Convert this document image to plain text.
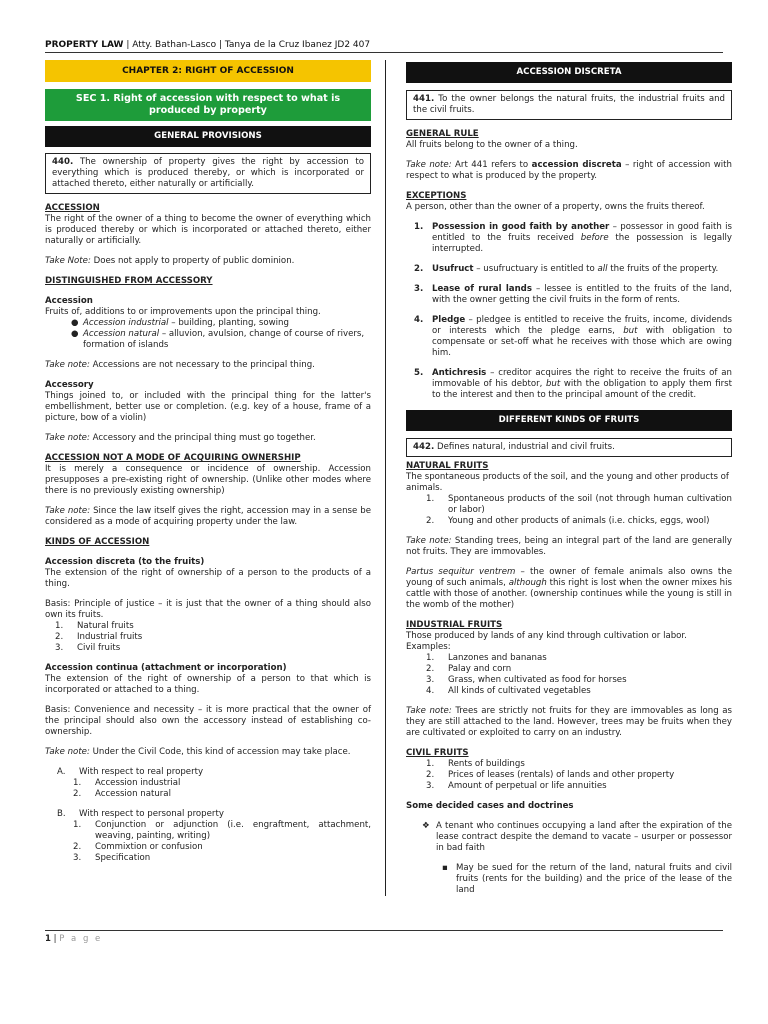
PROPERTY LAW | Atty. Bathan-Lasco | Tanya de la Cruz Ibanez JD2 407
CHAPTER 2: RIGHT OF ACCESSION
SEC 1. Right of accession with respect to what is produced by property
GENERAL PROVISIONS
440. The ownership of property gives the right by accession to everything which is produced thereby, or which is incorporated or attached thereto, either naturally or artificially.

ACCESSION

The right of the owner of a thing to become the owner of everything which is produced thereby or which is incorporated or attached thereto, either naturally or artificially.

Take Note: Does not apply to property of public dominion.

DISTINGUISHED FROM ACCESSORY

Accession

Fruits of, additions to or improvements upon the principal thing.

● Accession industrial – building, planting, sowing
● Accession natural – alluvion, avulsion, change of course of rivers, formation of islands

Take note: Accessions are not necessary to the principal thing.

Accessory

Things joined to, or included with the principal thing for the latter's embellishment, better use or completion. (e.g. key of a house, frame of a picture, bow of a violin)

Take note: Accessory and the principal thing must go together.

ACCESSION NOT A MODE OF ACQUIRING OWNERSHIP

It is merely a consequence or incidence of ownership. Accession presupposes a pre-existing right of ownership. (Unlike other modes where there is no previously existing ownership)

Take note: Since the law itself gives the right, accession may in a sense be considered as a mode of acquiring property under the law.

KINDS OF ACCESSION

Accession discreta (to the fruits)

The extension of the right of ownership of a person to the products of a thing.

Basis: Principle of justice – it is just that the owner of a thing should also own its fruits.

1.	Natural fruits
2.	Industrial fruits
3.	Civil fruits

Accession continua (attachment or incorporation)

The extension of the right of ownership of a person to that which is incorporated or attached to a thing.

Basis: Convenience and necessity – it is more practical that the owner of the principal should also own the accessory instead of establishing co-ownership.

Take note: Under the Civil Code, this kind of accession may take place.

A.	With respect to real property
1.	Accession industrial
2.	Accession natural
B.	With respect to personal property
1.	Conjunction or adjunction (i.e. engraftment, attachment, weaving, painting, writing)
2.	Commixtion or confusion
3.	Specification
ACCESSION DISCRETA
441. To the owner belongs the natural fruits, the industrial fruits and the civil fruits.

GENERAL RULE

All fruits belong to the owner of a thing.

Take note: Art 441 refers to accession discreta – right of accession with respect to what is produced by the property.

EXCEPTIONS

A person, other than the owner of a property, owns the fruits thereof.

1.	Possession in good faith by another – possessor in good faith is entitled to the fruits received before the possession is legally interrupted.
2.	Usufruct – usufructuary is entitled to all the fruits of the property.
3.	Lease of rural lands – lessee is entitled to the fruits of the land, with the owner getting the civil fruits in the form of rents.
4.	Pledge – pledgee is entitled to receive the fruits, income, dividends or interests which the pledge earns, but with obligation to compensate or set-off what he receives with those which are owing him.
5.	Antichresis – creditor acquires the right to receive the fruits of an immovable of his debtor, but with the obligation to apply them first to the interest and then to the principal amount of the credit.
DIFFERENT KINDS OF FRUITS
442. Defines natural, industrial and civil fruits.

NATURAL FRUITS

The spontaneous products of the soil, and the young and other products of animals.

1.	Spontaneous products of the soil (not through human cultivation or labor)
2.	Young and other products of animals (i.e. chicks, eggs, wool)

Take note: Standing trees, being an integral part of the land are generally not fruits. They are immovables.

Partus sequitur ventrem – the owner of female animals also owns the young of such animals, although this right is lost when the owner mixes his cattle with those of another. (ownership continues while the young is still in the womb of the mother)

INDUSTRIAL FRUITS

Those produced by lands of any kind through cultivation or labor.

Examples:

1.	Lanzones and bananas
2.	Palay and corn
3.	Grass, when cultivated as food for horses
4.	All kinds of cultivated vegetables

Take note: Trees are strictly not fruits for they are immovables as long as they are still attached to the land. However, trees may be fruits when they are cultivated or exploited to carry on an industry.

CIVIL FRUITS

1.	Rents of buildings
2.	Prices of leases (rentals) of lands and other property
3.	Amount of perpetual or life annuities

Some decided cases and doctrines

❖ A tenant who continues occupying a land after the expiration of the lease contract despite the demand to vacate – usurper or possessor in bad faith
▪ May be sued for the return of the land, natural fruits and civil fruits (rents for the building) and the price of the lease of the land
1 | P a g e
